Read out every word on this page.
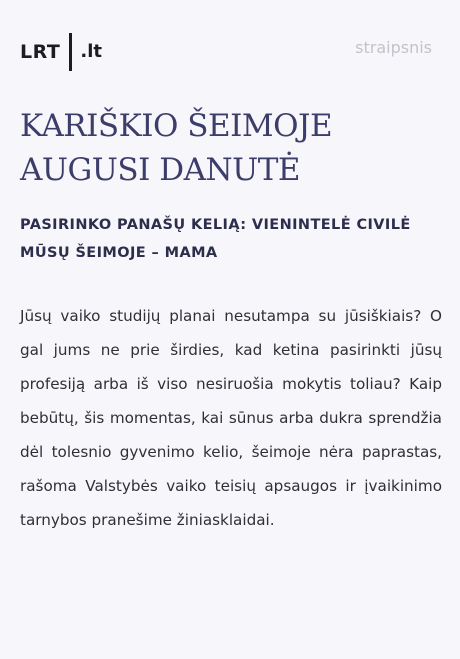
LRT .lt	straipsnis
KARIŠKIO ŠEIMOJE AUGUSI DANUTĖ
PASIRINKO PANAŠŲ KELIĄ: VIENINTELĖ CIVILĖ MŪSŲ ŠEIMOJE – MAMA

Jūsų vaiko studijų planai nesutampa su jūsiškiais? O gal jums ne prie širdies, kad ketina pasirinkti jūsų profesiją arba iš viso nesiruošia mokytis toliau? Kaip bebūtų, šis momentas, kai sūnus arba dukra sprendžia dėl tolesnio gyvenimo kelio, šeimoje nėra paprastas, rašoma Valstybės vaiko teisių apsaugos ir įvaikinimo tarnybos pranešime žiniasklaidai.
